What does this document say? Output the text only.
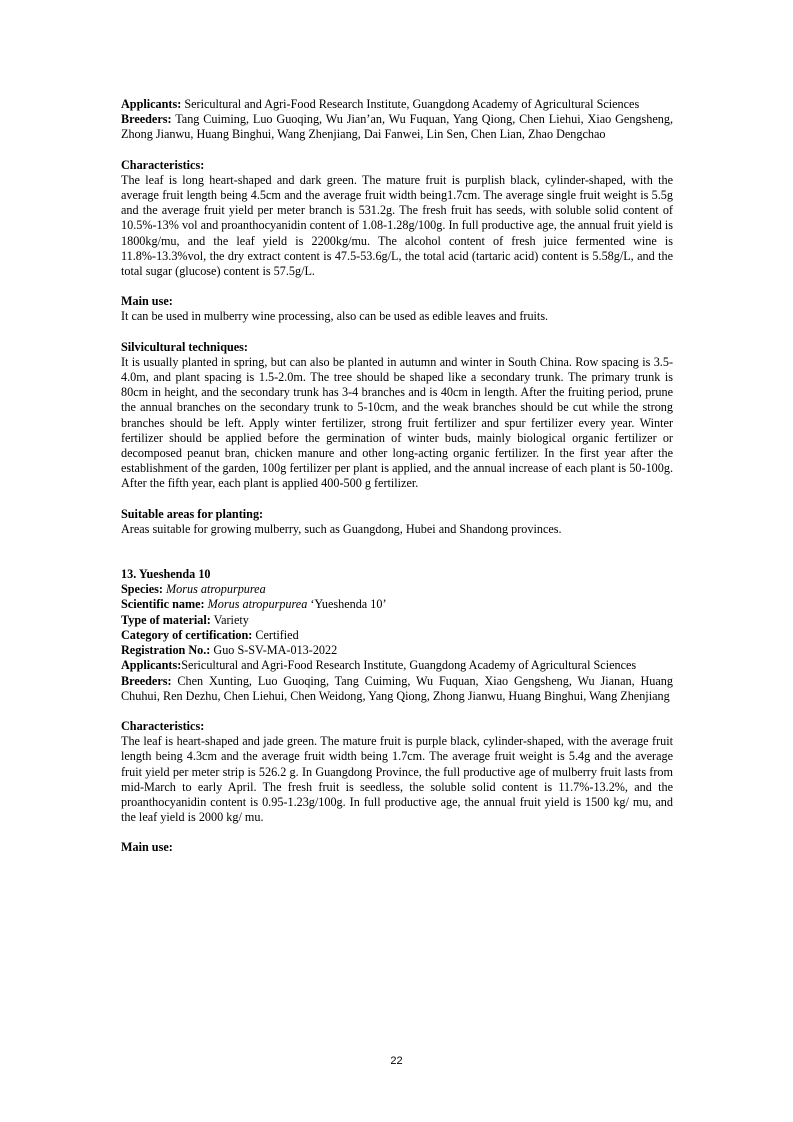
Applicants: Sericultural and Agri-Food Research Institute, Guangdong Academy of Agricultural Sciences

Breeders: Tang Cuiming, Luo Guoqing, Wu Jian’an, Wu Fuquan, Yang Qiong, Chen Liehui, Xiao Gengsheng, Zhong Jianwu, Huang Binghui, Wang Zhenjiang, Dai Fanwei, Lin Sen, Chen Lian, Zhao Dengchao

Characteristics:

The leaf is long heart-shaped and dark green. The mature fruit is purplish black, cylinder-shaped, with the average fruit length being 4.5cm and the average fruit width being1.7cm. The average single fruit weight is 5.5g and the average fruit yield per meter branch is 531.2g. The fresh fruit has seeds, with soluble solid content of 10.5%-13% vol and proanthocyanidin content of 1.08-1.28g/100g. In full productive age, the annual fruit yield is 1800kg/mu, and the leaf yield is 2200kg/mu. The alcohol content of fresh juice fermented wine is 11.8%-13.3%vol, the dry extract content is 47.5-53.6g/L, the total acid (tartaric acid) content is 5.58g/L, and the total sugar (glucose) content is 57.5g/L.

Main use:

It can be used in mulberry wine processing, also can be used as edible leaves and fruits.

Silvicultural techniques:

It is usually planted in spring, but can also be planted in autumn and winter in South China. Row spacing is 3.5-4.0m, and plant spacing is 1.5-2.0m. The tree should be shaped like a secondary trunk. The primary trunk is 80cm in height, and the secondary trunk has 3-4 branches and is 40cm in length. After the fruiting period, prune the annual branches on the secondary trunk to 5-10cm, and the weak branches should be cut while the strong branches should be left. Apply winter fertilizer, strong fruit fertilizer and spur fertilizer every year. Winter fertilizer should be applied before the germination of winter buds, mainly biological organic fertilizer or decomposed peanut bran, chicken manure and other long-acting organic fertilizer. In the first year after the establishment of the garden, 100g fertilizer per plant is applied, and the annual increase of each plant is 50-100g. After the fifth year, each plant is applied 400-500 g fertilizer.

Suitable areas for planting:

Areas suitable for growing mulberry, such as Guangdong, Hubei and Shandong provinces.

13. Yueshenda 10

Species: Morus atropurpurea

Scientific name: Morus atropurpurea ‘Yueshenda 10’

Type of material: Variety

Category of certification: Certified

Registration No.: Guo S-SV-MA-013-2022

Applicants:Sericultural and Agri-Food Research Institute, Guangdong Academy of Agricultural Sciences

Breeders: Chen Xunting, Luo Guoqing, Tang Cuiming, Wu Fuquan, Xiao Gengsheng, Wu Jianan, Huang Chuhui, Ren Dezhu, Chen Liehui, Chen Weidong, Yang Qiong, Zhong Jianwu, Huang Binghui, Wang Zhenjiang

Characteristics:

The leaf is heart-shaped and jade green. The mature fruit is purple black, cylinder-shaped, with the average fruit length being 4.3cm and the average fruit width being 1.7cm. The average fruit weight is 5.4g and the average fruit yield per meter strip is 526.2 g. In Guangdong Province, the full productive age of mulberry fruit lasts from mid-March to early April. The fresh fruit is seedless, the soluble solid content is 11.7%-13.2%, and the proanthocyanidin content is 0.95-1.23g/100g. In full productive age, the annual fruit yield is 1500 kg/ mu, and the leaf yield is 2000 kg/ mu.

Main use:

22
